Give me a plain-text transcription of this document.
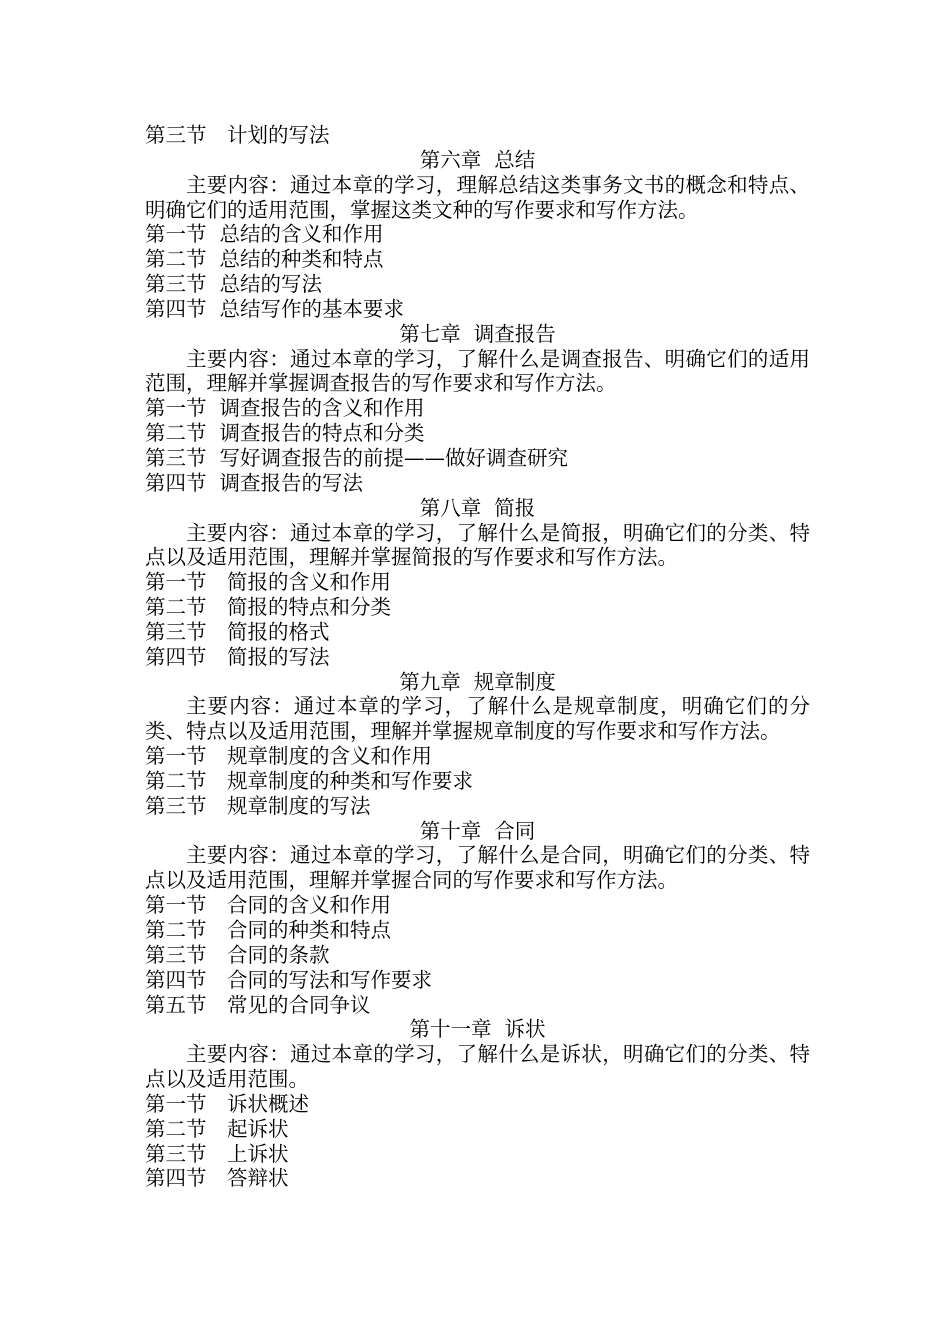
第三节　计划的写法
第六章  总结

主要内容：通过本章的学习，理解总结这类事务文书的概念和特点、明确它们的适用范围，掌握这类文种的写作要求和写作方法。

第一节  总结的含义和作用
第二节  总结的种类和特点
第三节  总结的写法
第四节  总结写作的基本要求
第七章  调查报告

主要内容：通过本章的学习，了解什么是调查报告、明确它们的适用范围，理解并掌握调查报告的写作要求和写作方法。

第一节  调查报告的含义和作用
第二节  调查报告的特点和分类
第三节  写好调查报告的前提——做好调查研究
第四节  调查报告的写法
第八章  简报

主要内容：通过本章的学习，了解什么是简报，明确它们的分类、特点以及适用范围，理解并掌握简报的写作要求和写作方法。

第一节　简报的含义和作用
第二节　简报的特点和分类
第三节　简报的格式
第四节　简报的写法
第九章  规章制度

主要内容：通过本章的学习，了解什么是规章制度，明确它们的分类、特点以及适用范围，理解并掌握规章制度的写作要求和写作方法。

第一节　规章制度的含义和作用
第二节　规章制度的种类和写作要求
第三节　规章制度的写法
第十章  合同

主要内容：通过本章的学习，了解什么是合同，明确它们的分类、特点以及适用范围，理解并掌握合同的写作要求和写作方法。

第一节　合同的含义和作用
第二节　合同的种类和特点
第三节　合同的条款
第四节　合同的写法和写作要求
第五节　常见的合同争议
第十一章  诉状

主要内容：通过本章的学习，了解什么是诉状，明确它们的分类、特点以及适用范围。

第一节　诉状概述
第二节　起诉状
第三节　上诉状
第四节　答辩状
